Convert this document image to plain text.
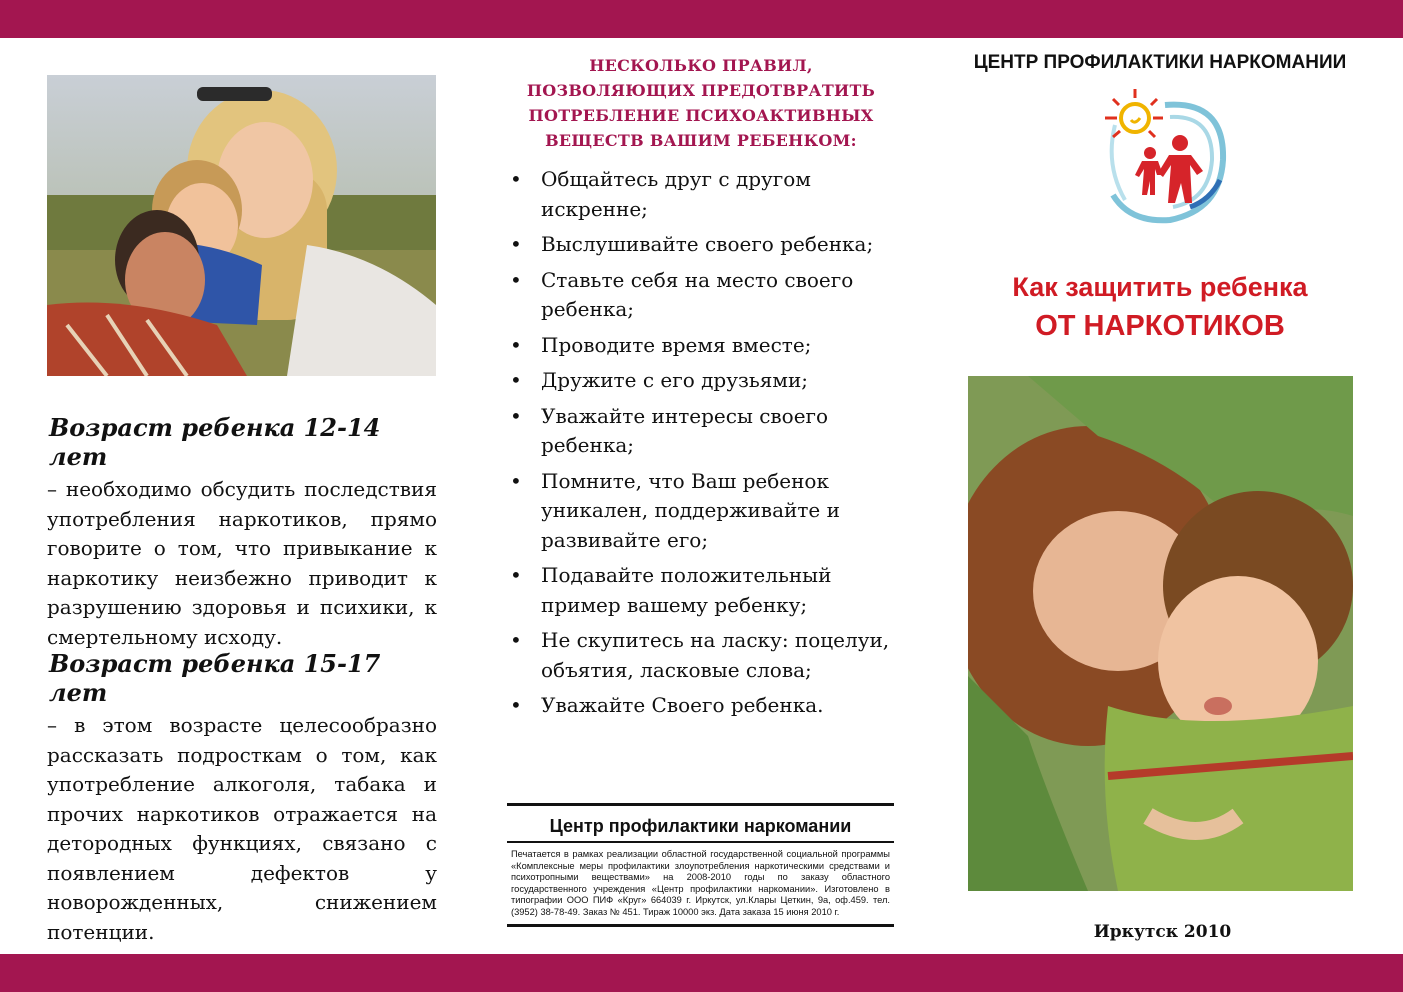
Возраст ребенка 12-14 лет

– необходимо обсудить последствия употребления наркотиков, прямо говорите о том, что привыкание к наркотику неизбежно приводит к разрушению здоровья и психики, к смертельному исходу.

Возраст ребенка 15-17 лет

– в этом возрасте целесообразно рассказать подросткам о том, как употребление алкоголя, табака и прочих наркотиков отражается на детородных функциях, связано с появлением дефектов у новорожденных, снижением потенции.

НЕСКОЛЬКО ПРАВИЛ,
ПОЗВОЛЯЮЩИХ ПРЕДОТВРАТИТЬ
ПОТРЕБЛЕНИЕ ПСИХОАКТИВНЫХ
ВЕЩЕСТВ ВАШИМ РЕБЕНКОМ:
• Общайтесь друг с другом искренне;
• Выслушивайте своего ребенка;
• Ставьте себя на место своего ребенка;
• Проводите время вместе;
• Дружите с его друзьями;
• Уважайте интересы своего ребенка;
• Помните, что Ваш ребенок уникален, поддерживайте и развивайте его;
• Подавайте положительный пример вашему ребенку;
• Не скупитесь на ласку: поцелуи, объятия, ласковые слова;
• Уважайте Своего ребенка.
Центр профилактики наркомании
Печатается в рамках реализации областной государственной социальной программы «Комплексные меры профилактики злоупотребления наркотическими средствами и психотропными веществами» на 2008-2010 годы по заказу областного государственного учреждения «Центр профилактики наркомании». Изготовлено в типографии ООО ПИФ «Круг» 664039 г. Иркутск, ул.Клары Цеткин, 9а, оф.459. тел. (3952) 38-78-49. Заказ № 451. Тираж 10000 экз. Дата заказа 15 июня 2010 г.
ЦЕНТР ПРОФИЛАКТИКИ НАРКОМАНИИ
Как защитить ребенка
ОТ НАРКОТИКОВ
Иркутск 2010
